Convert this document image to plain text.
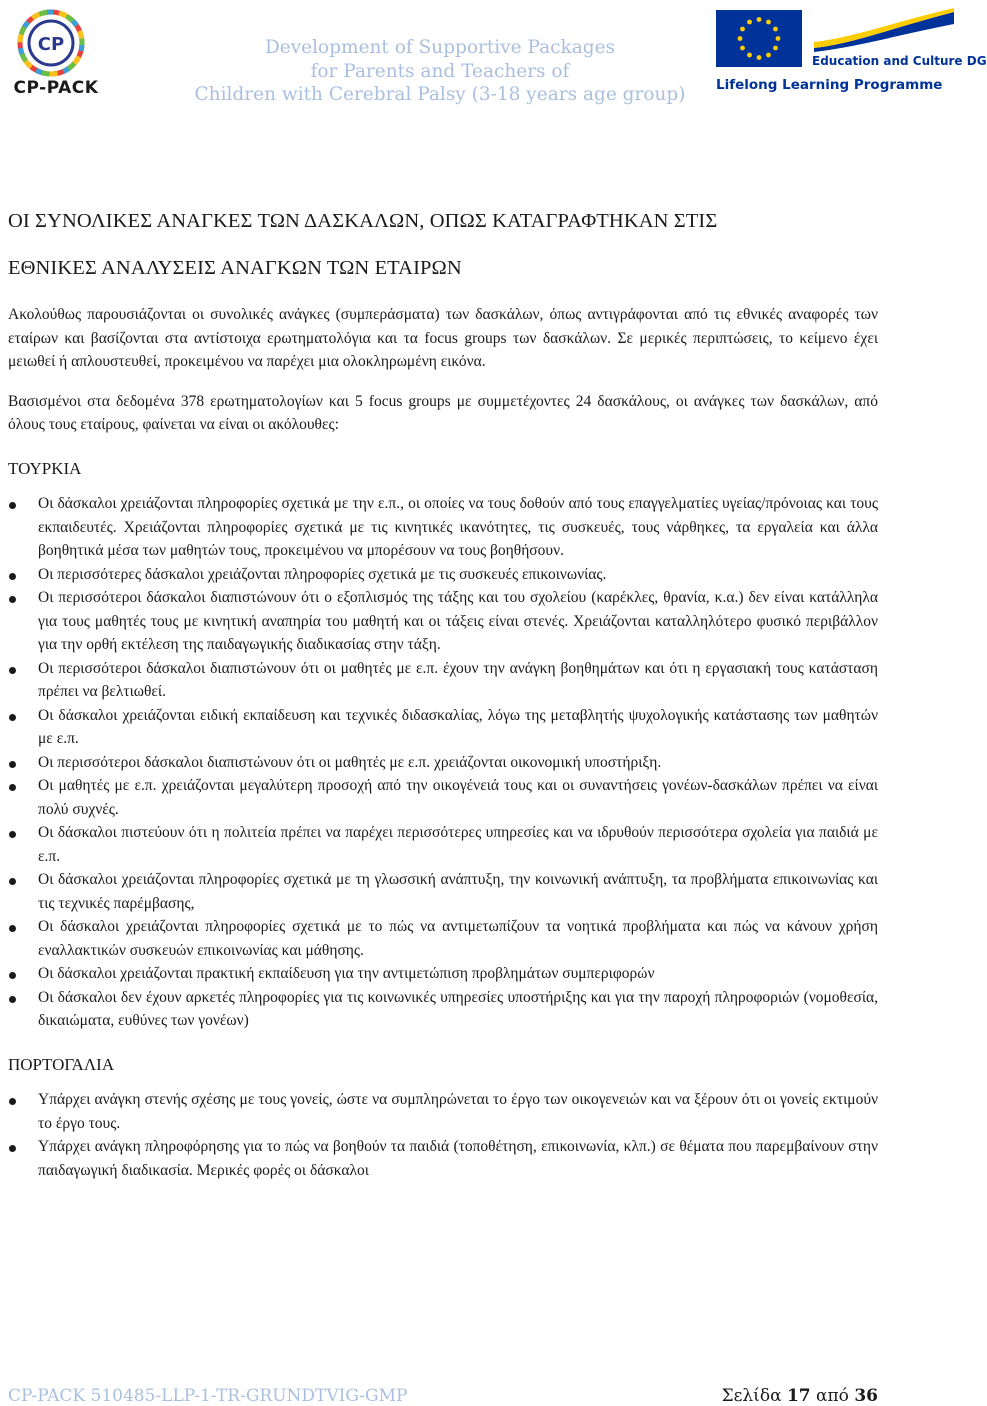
CP
CP-PACK
Development of Supportive Packages
for Parents and Teachers of
Children with Cerebral Palsy (3-18 years age group)
Education and Culture DG
Lifelong Learning Programme
ΟΙ ΣΥΝΟΛΙΚΕΣ ΑΝΑΓΚΕΣ ΤΩΝ ΔΑΣΚΑΛΩΝ, ΟΠΩΣ ΚΑΤΑΓΡΑΦΤΗΚΑΝ ΣΤΙΣ
ΕΘΝΙΚΕΣ ΑΝΑΛΥΣΕΙΣ ΑΝΑΓΚΩΝ ΤΩΝ ΕΤΑΙΡΩΝ

Ακολούθως παρουσιάζονται οι συνολικές ανάγκες (συμπεράσματα) των δασκάλων, όπως αντιγράφονται από τις εθνικές αναφορές των εταίρων και βασίζονται στα αντίστοιχα ερωτηματολόγια και τα focus groups των δασκάλων. Σε μερικές περιπτώσεις, το κείμενο έχει μειωθεί ή απλουστευθεί, προκειμένου να παρέχει μια ολοκληρωμένη εικόνα.

Βασισμένοι στα δεδομένα 378 ερωτηματολογίων και 5 focus groups με συμμετέχοντες 24 δασκάλους, οι ανάγκες των δασκάλων, από όλους τους εταίρους, φαίνεται να είναι οι ακόλουθες:

ΤΟΥΡΚΙΑ
Οι δάσκαλοι χρειάζονται πληροφορίες σχετικά με την ε.π., οι οποίες να τους δοθούν από τους επαγγελματίες υγείας/πρόνοιας και τους εκπαιδευτές. Χρειάζονται πληροφορίες σχετικά με τις κινητικές ικανότητες, τις συσκευές, τους νάρθηκες, τα εργαλεία και άλλα βοηθητικά μέσα των μαθητών τους, προκειμένου να μπορέσουν να τους βοηθήσουν.
Οι περισσότερες δάσκαλοι χρειάζονται πληροφορίες σχετικά με τις συσκευές επικοινωνίας.
Οι περισσότεροι δάσκαλοι διαπιστώνουν ότι ο εξοπλισμός της τάξης και του σχολείου (καρέκλες, θρανία, κ.α.) δεν είναι κατάλληλα για τους μαθητές τους με κινητική αναπηρία του μαθητή και οι τάξεις είναι στενές. Χρειάζονται καταλληλότερο φυσικό περιβάλλον για την ορθή εκτέλεση της παιδαγωγικής διαδικασίας στην τάξη.
Οι περισσότεροι δάσκαλοι διαπιστώνουν ότι οι μαθητές με ε.π. έχουν την ανάγκη βοηθημάτων και ότι η εργασιακή τους κατάσταση πρέπει να βελτιωθεί.
Οι δάσκαλοι χρειάζονται ειδική εκπαίδευση και τεχνικές διδασκαλίας, λόγω της μεταβλητής ψυχολογικής κατάστασης των μαθητών με ε.π.
Οι περισσότεροι δάσκαλοι διαπιστώνουν ότι οι μαθητές με ε.π. χρειάζονται οικονομική υποστήριξη.
Οι μαθητές με ε.π. χρειάζονται μεγαλύτερη προσοχή από την οικογένειά τους και οι συναντήσεις γονέων-δασκάλων πρέπει να είναι πολύ συχνές.
Οι δάσκαλοι πιστεύουν ότι η πολιτεία πρέπει να παρέχει περισσότερες υπηρεσίες και να ιδρυθούν περισσότερα σχολεία για παιδιά με ε.π.
Οι δάσκαλοι χρειάζονται πληροφορίες σχετικά με τη γλωσσική ανάπτυξη, την κοινωνική ανάπτυξη, τα προβλήματα επικοινωνίας και τις τεχνικές παρέμβασης,
Οι δάσκαλοι χρειάζονται πληροφορίες σχετικά με το πώς να αντιμετωπίζουν τα νοητικά προβλήματα και πώς να κάνουν χρήση εναλλακτικών συσκευών επικοινωνίας και μάθησης.
Οι δάσκαλοι χρειάζονται πρακτική εκπαίδευση για την αντιμετώπιση προβλημάτων συμπεριφορών
Οι δάσκαλοι δεν έχουν αρκετές πληροφορίες για τις κοινωνικές υπηρεσίες υποστήριξης και για την παροχή πληροφοριών (νομοθεσία, δικαιώματα, ευθύνες των γονέων)
ΠΟΡΤΟΓΑΛΙΑ
Υπάρχει ανάγκη στενής σχέσης με τους γονείς, ώστε να συμπληρώνεται το έργο των οικογενειών και να ξέρουν ότι οι γονείς εκτιμούν το έργο τους.
Υπάρχει ανάγκη πληροφόρησης για το πώς να βοηθούν τα παιδιά (τοποθέτηση, επικοινωνία, κλπ.) σε θέματα που παρεμβαίνουν στην παιδαγωγική διαδικασία. Μερικές φορές οι δάσκαλοι
CP-PACK 510485-LLP-1-TR-GRUNDTVIG-GMP	Σελίδα 17 από 36
